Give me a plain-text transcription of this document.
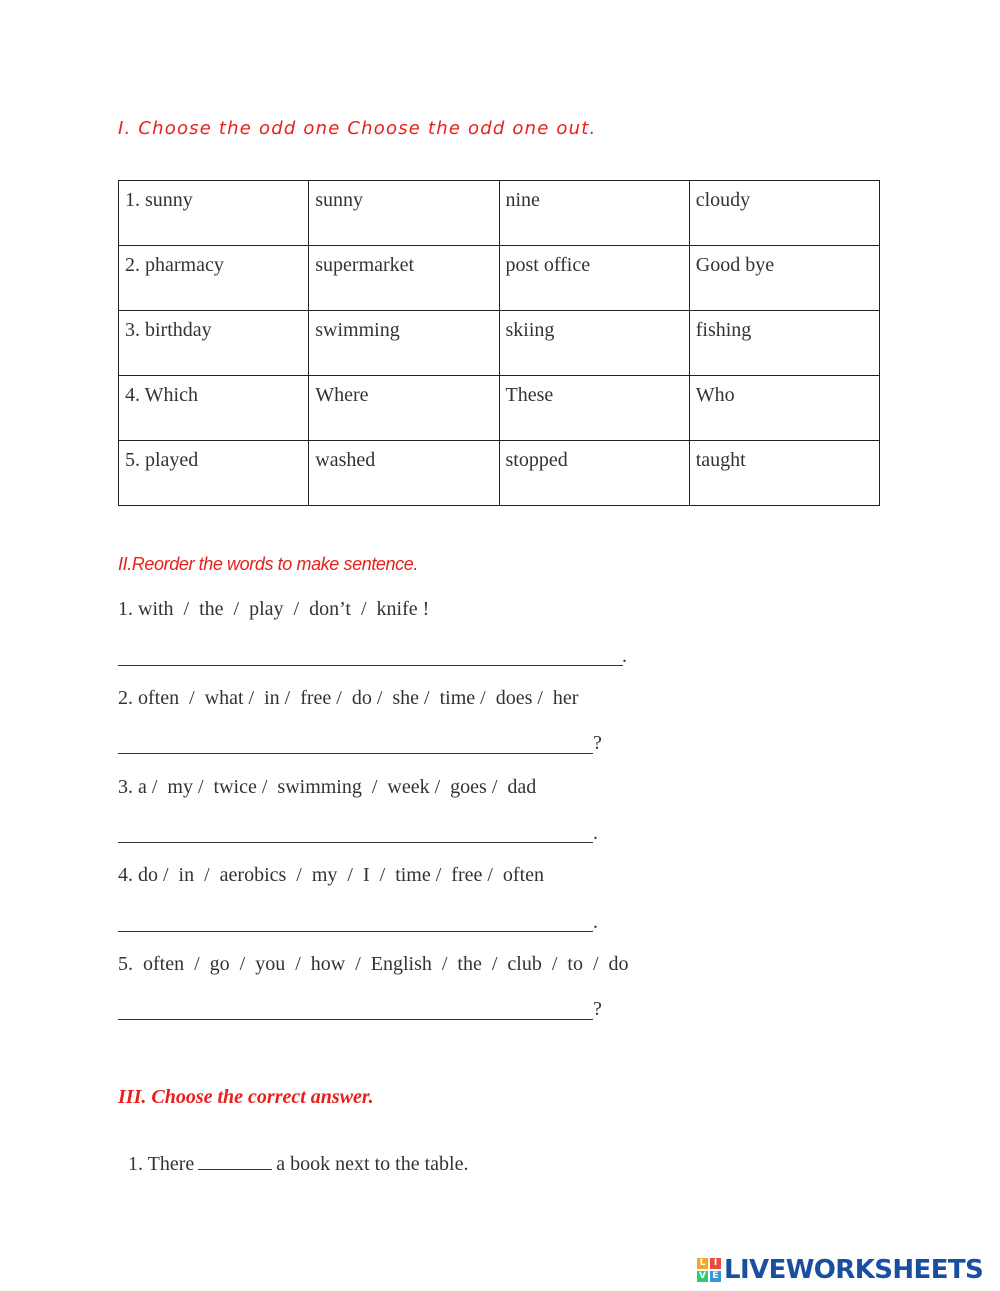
I. Choose the odd one Choose the odd one out.
1. sunny	sunny	nine	cloudy
2. pharmacy	supermarket	post office	Good bye
3. birthday	swimming	skiing	fishing
4. Which	Where	These	Who
5. played	washed	stopped	taught
II.Reorder the words to make sentence.
1. with  /  the  /  play  /  don’t  /  knife !
.
2. often  /  what /  in /  free /  do /  she /  time /  does /  her
?
3. a /  my /  twice /  swimming  /  week /  goes /  dad
.
4. do /  in  /  aerobics  /  my  /  I  /  time /  free /  often
.
5.  often  /  go  /  you  /  how  /  English  /  the  /  club  /  to  /  do
?
III. Choose the correct answer.

1. There	a book next to the table.

L I
V E LIVEWORKSHEETS
